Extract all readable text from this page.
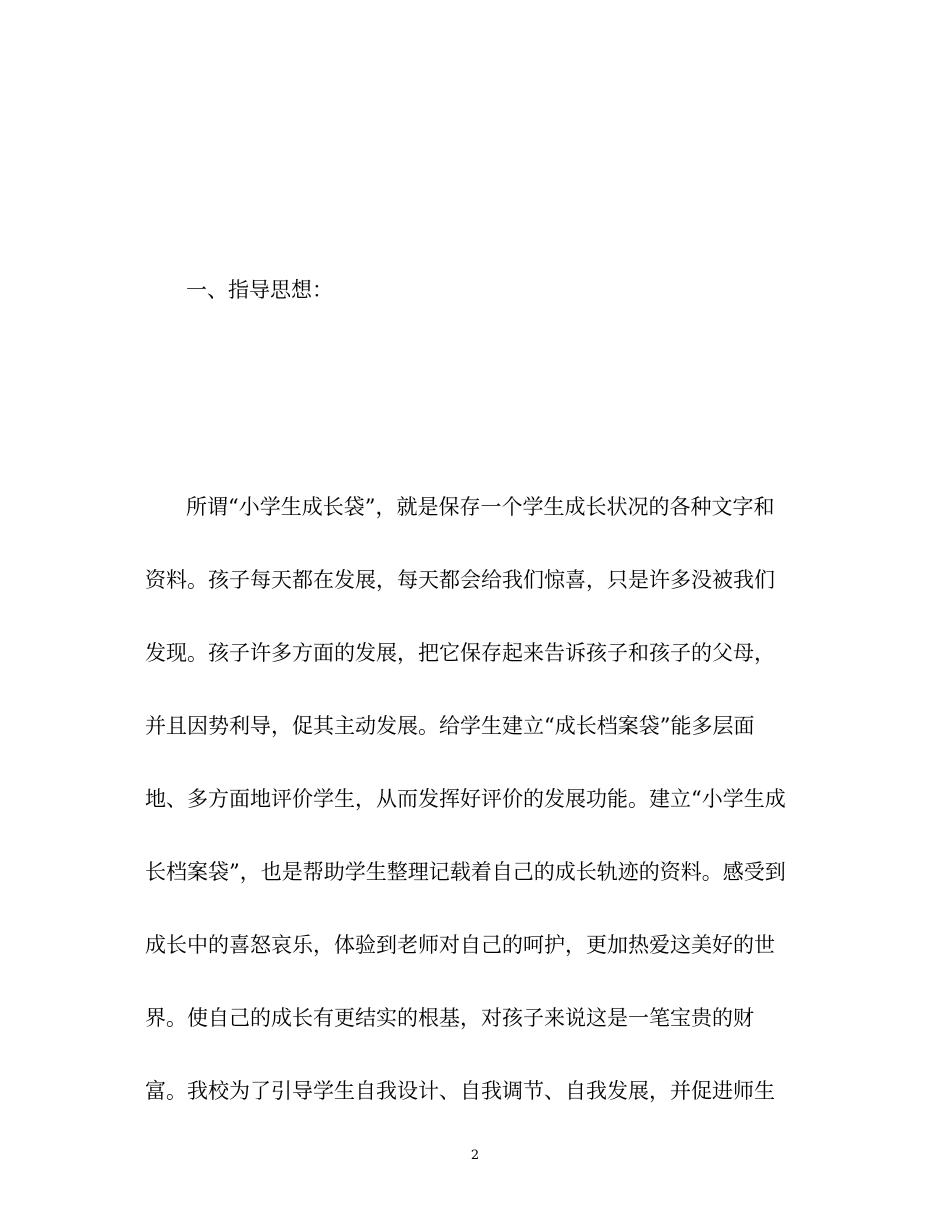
一、指导思想：
所谓“小学生成长袋”，就是保存一个学生成长状况的各种文字和
资料。孩子每天都在发展，每天都会给我们惊喜，只是许多没被我们
发现。孩子许多方面的发展，把它保存起来告诉孩子和孩子的父母，
并且因势利导，促其主动发展。给学生建立“成长档案袋”能多层面
地、多方面地评价学生，从而发挥好评价的发展功能。建立“小学生成
长档案袋”，也是帮助学生整理记载着自己的成长轨迹的资料。感受到
成长中的喜怒哀乐，体验到老师对自己的呵护，更加热爱这美好的世
界。使自己的成长有更结实的根基，对孩子来说这是一笔宝贵的财
富。我校为了引导学生自我设计、自我调节、自我发展，并促进师生
2
